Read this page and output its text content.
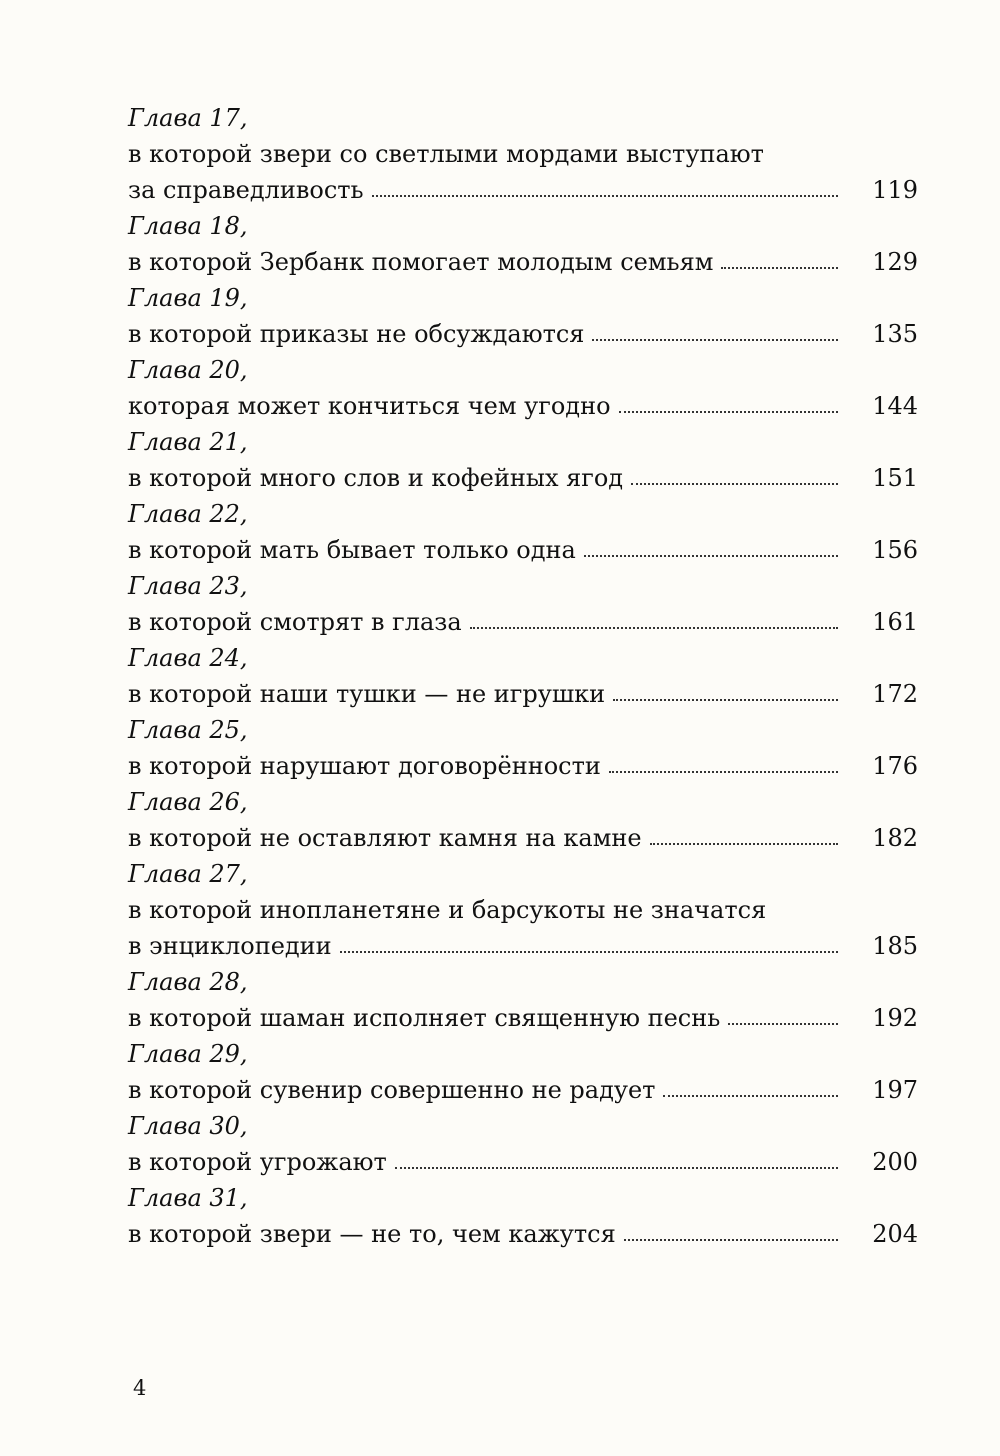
Глава 17,
в которой звери со светлыми мордами выступают
за справедливость	119
Глава 18,
в которой Зербанк помогает молодым семьям	129
Глава 19,
в которой приказы не обсуждаются	135
Глава 20,
которая может кончиться чем угодно	144
Глава 21,
в которой много слов и кофейных ягод	151
Глава 22,
в которой мать бывает только одна	156
Глава 23,
в которой смотрят в глаза	161
Глава 24,
в которой наши тушки — не игрушки	172
Глава 25,
в которой нарушают договорённости	176
Глава 26,
в которой не оставляют камня на камне	182
Глава 27,
в которой инопланетяне и барсукоты не значатся
в энциклопедии	185
Глава 28,
в которой шаман исполняет священную песнь	192
Глава 29,
в которой сувенир совершенно не радует	197
Глава 30,
в которой угрожают	200
Глава 31,
в которой звери — не то, чем кажутся	204
4
